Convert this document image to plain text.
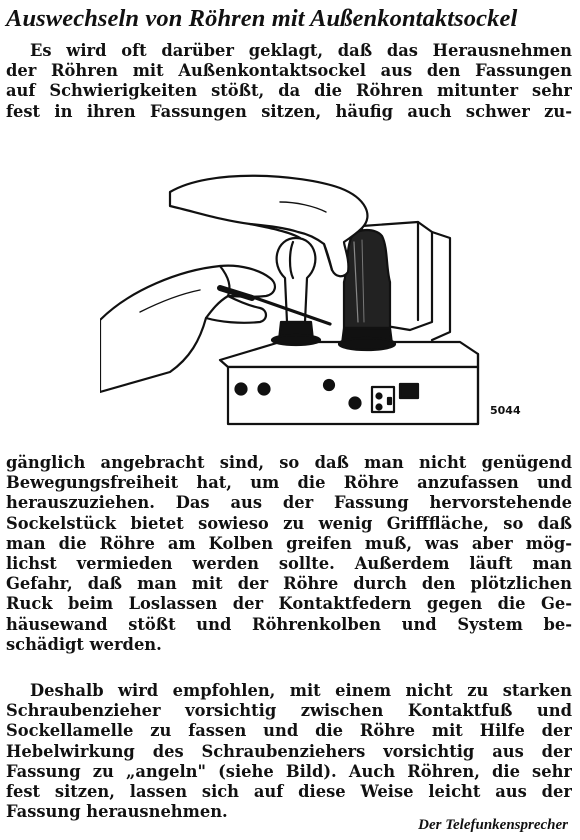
Auswechseln von Röhren mit Außenkontaktsockel
Es wird oft darüber geklagt, daß das Herausnehmen
der Röhren mit Außenkontaktsockel aus den Fassungen
auf Schwierigkeiten stößt, da die Röhren mitunter sehr
fest in ihren Fassungen sitzen, häufig auch schwer zu-
5044
gänglich angebracht sind, so daß man nicht genügend
Bewegungsfreiheit hat, um die Röhre anzufassen und
herauszuziehen. Das aus der Fassung hervorstehende
Sockelstück bietet sowieso zu wenig Grifffläche, so daß
man die Röhre am Kolben greifen muß, was aber mög-
lichst vermieden werden sollte. Außerdem läuft man
Gefahr, daß man mit der Röhre durch den plötzlichen
Ruck beim Loslassen der Kontaktfedern gegen die Ge-
häusewand stößt und Röhrenkolben und System be-
schädigt werden.
Deshalb wird empfohlen, mit einem nicht zu starken
Schraubenzieher vorsichtig zwischen Kontaktfuß und
Sockellamelle zu fassen und die Röhre mit Hilfe der
Hebelwirkung des Schraubenziehers vorsichtig aus der
Fassung zu „angeln" (siehe Bild). Auch Röhren, die sehr
fest sitzen, lassen sich auf diese Weise leicht aus der
Fassung herausnehmen.
Der Telefunkensprecher
